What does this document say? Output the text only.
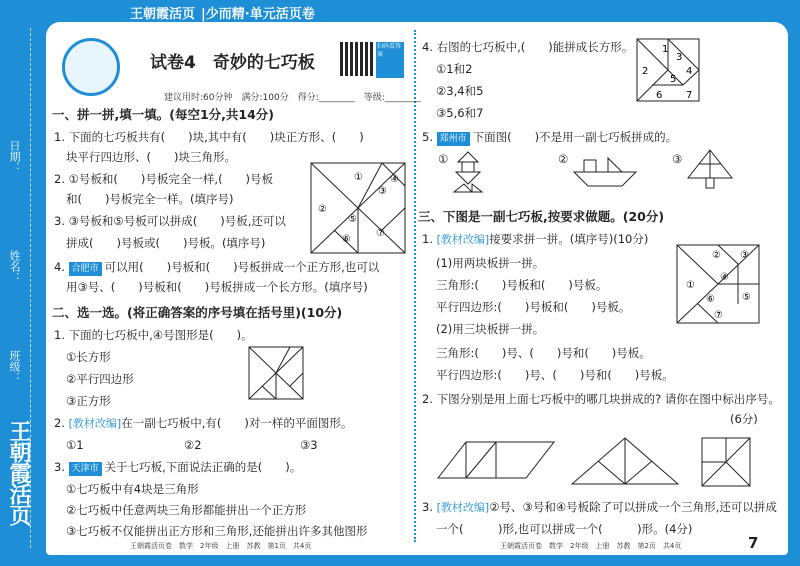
日期：
姓名：
班级：
王朝霞活页
王朝霞活页 |少而精·单元活页卷
试卷4　奇妙的七巧板
扫码看答案
建议用时:60分钟　满分:100分　得分:________　等级:________
一、拼一拼,填一填。(每空1分,共14分)
1. 下面的七巧板共有(　　)块,其中有(　　)块正方形、(　　)
块平行四边形、(　　)块三角形。
2. ①号板和(　　)号板完全一样,(　　)号板
和(　　)号板完全一样。(填序号)
3. ③号板和⑤号板可以拼成(　　)号板,还可以
拼成(　　)号板或(　　)号板。(填序号)
4. 合肥市 可以用(　　)号板和(　　)号板拼成一个正方形,也可以
用③号、(　　)号板和(　　)号板拼成一个长方形。(填序号)
①
②
③
④
⑤
⑥
⑦
二、选一选。(将正确答案的序号填在括号里)(10分)
1. 下面的七巧板中,④号图形是(　　)。
①长方形
②平行四边形
③正方形
2. [教材改编]在一副七巧板中,有(　　)对一样的平面图形。
①1	②2	③3
3. 天津市 关于七巧板,下面说法正确的是(　　)。
①七巧板中有4块是三角形
②七巧板中任意两块三角形都能拼出一个正方形
③七巧板不仅能拼出正方形和三角形,还能拼出许多其他图形
4. 右图的七巧板中,(　　)能拼成长方形。
①1和2
②3,4和5
③5,6和7
1
2
3
4
5
6 7
5. 郑州市 下面图(　　)不是用一副七巧板拼成的。
①	②	③
三、下图是一副七巧板,按要求做题。(20分)
1. [教材改编]接要求拼一拼。(填序号)(10分)
(1)用两块板拼一拼。
三角形:(　　)号板和(　　)号板。
平行四边形:(　　)号板和(　　)号板。
(2)用三块板拼一拼。
三角形:(　　)号、(　　)号和(　　)号板。
平行四边形:(　　)号、(　　)号和(　　)号板。
①
② ③
④
⑤
⑥
⑦
2. 下图分别是用上面七巧板中的哪几块拼成的? 请你在图中标出序号。
(6分)
3. [教材改编]②号、③号和④号板除了可以拼成一个三角形,还可以拼成
一个(　　　)形,也可以拼成一个(　　　)形。(4分)
王朝霞活页卷　数学　2年级　上册　苏教　第1页　共4页	王朝霞活页卷　数学　2年级　上册　苏教　第2页　共4页	7
